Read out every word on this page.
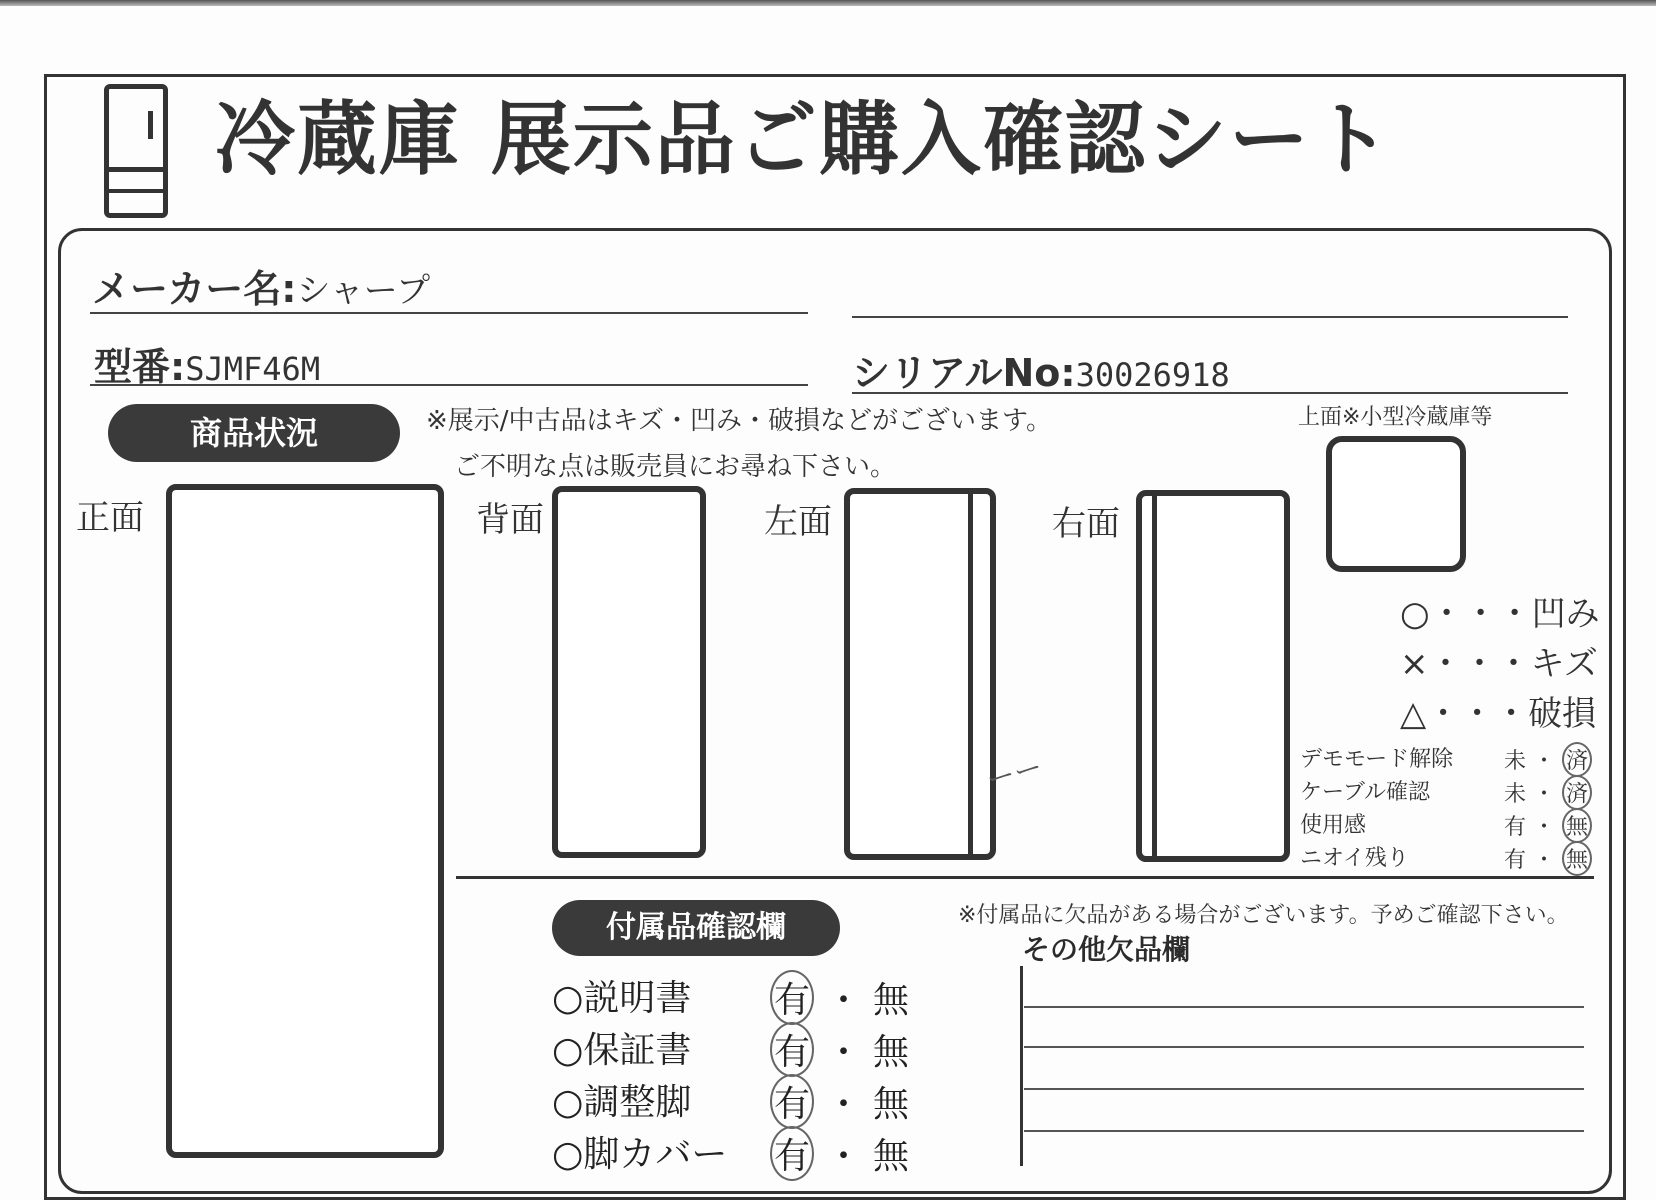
冷蔵庫 展示品ご購入確認シート
メーカー名:シャープ
型番:SJMF46M	シリアルNo:30026918
商品状況	※展示/中古品はキズ・凹み・破損などがございます。
ご不明な点は販売員にお尋ね下さい。
正面	背面	左面
ーー
右面
上面※小型冷蔵庫等
○・・・凹み
×・・・キズ
△・・・破損
デモモード解除 未 ・ 済
ケーブル確認	未 ・ 済
使用感	有 ・ 無
ニオイ残り	有 ・ 無
付属品確認欄	※付属品に欠品がある場合がございます。予めご確認下さい。
その他欠品欄
○説明書 有 ・ 無
○保証書 有 ・ 無
○調整脚 有 ・ 無
○脚カバー 有 ・ 無
